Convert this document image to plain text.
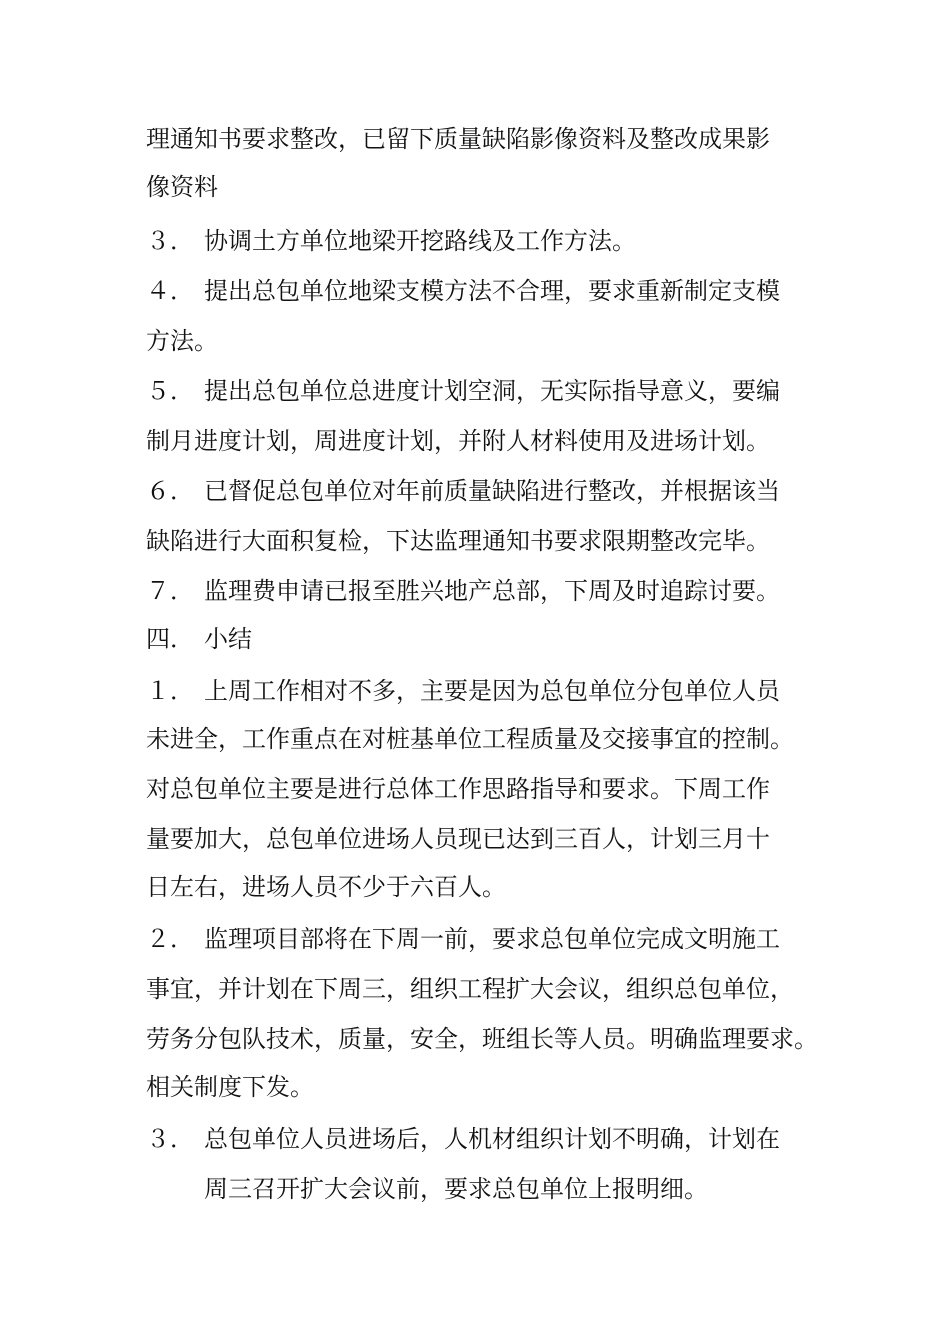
理通知书要求整改，已留下质量缺陷影像资料及整改成果影
像资料
３． 协调土方单位地梁开挖路线及工作方法。
４． 提出总包单位地梁支模方法不合理，要求重新制定支模
方法。
５． 提出总包单位总进度计划空洞，无实际指导意义，要编
制月进度计划，周进度计划，并附人材料使用及进场计划。
６． 已督促总包单位对年前质量缺陷进行整改，并根据该当
缺陷进行大面积复检，下达监理通知书要求限期整改完毕。
７． 监理费申请已报至胜兴地产总部，下周及时追踪讨要。
四． 小结
１． 上周工作相对不多，主要是因为总包单位分包单位人员
未进全，工作重点在对桩基单位工程质量及交接事宜的控制。
对总包单位主要是进行总体工作思路指导和要求。下周工作
量要加大，总包单位进场人员现已达到三百人，计划三月十
日左右，进场人员不少于六百人。
２． 监理项目部将在下周一前，要求总包单位完成文明施工
事宜，并计划在下周三，组织工程扩大会议，组织总包单位，
劳务分包队技术，质量，安全，班组长等人员。明确监理要求。
相关制度下发。
３． 总包单位人员进场后，人机材组织计划不明确，计划在
周三召开扩大会议前，要求总包单位上报明细。
